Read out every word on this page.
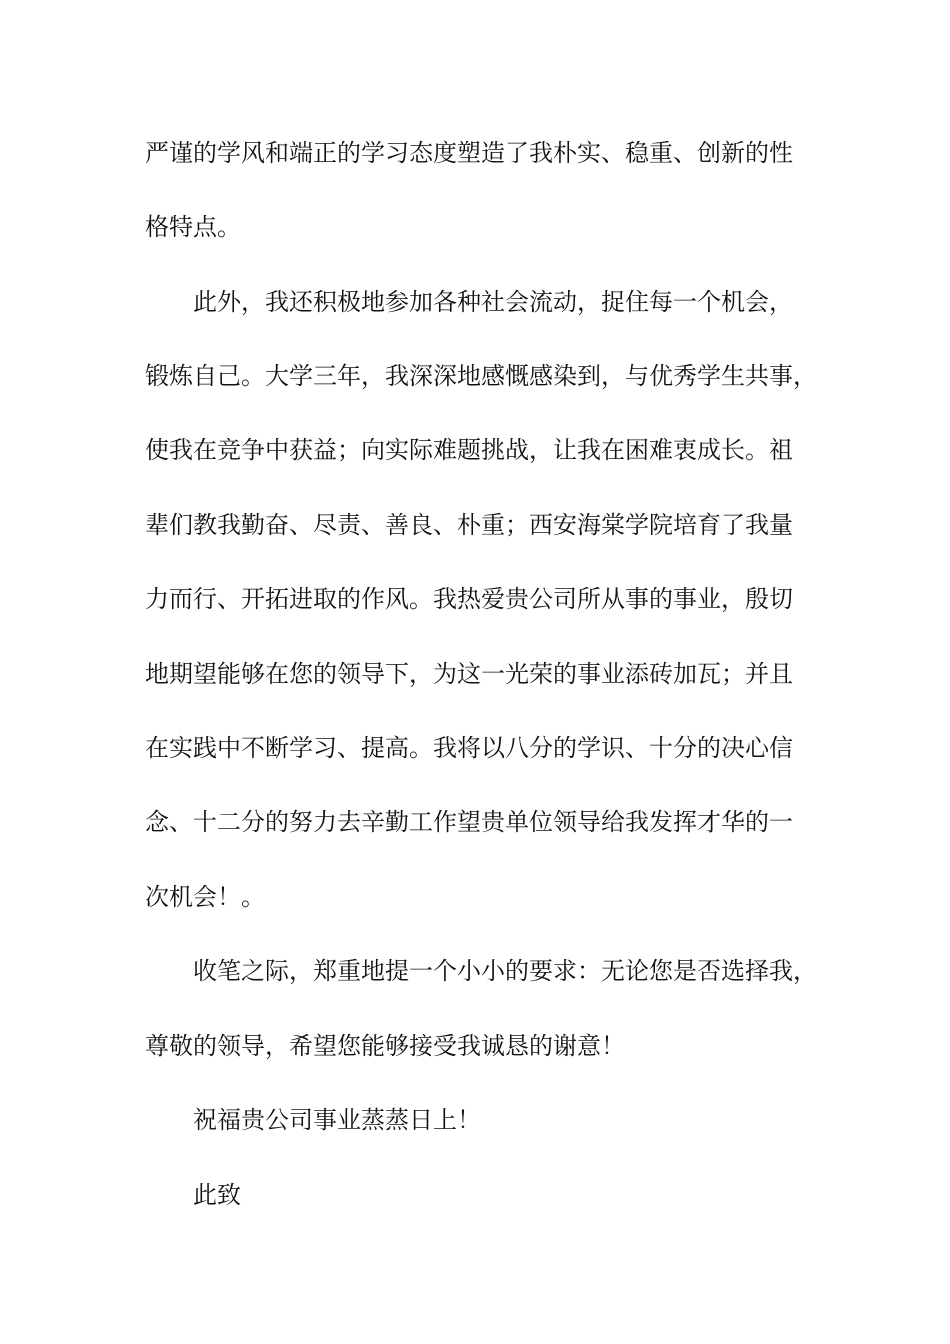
严谨的学风和端正的学习态度塑造了我朴实、稳重、创新的性
格特点。
此外，我还积极地参加各种社会流动，捉住每一个机会，
锻炼自己。大学三年，我深深地感慨感染到，与优秀学生共事，
使我在竞争中获益；向实际难题挑战，让我在困难衷成长。祖
辈们教我勤奋、尽责、善良、朴重；西安海棠学院培育了我量
力而行、开拓进取的作风。我热爱贵公司所从事的事业，殷切
地期望能够在您的领导下，为这一光荣的事业添砖加瓦；并且
在实践中不断学习、提高。我将以八分的学识、十分的决心信
念、十二分的努力去辛勤工作望贵单位领导给我发挥才华的一
次机会！。
收笔之际，郑重地提一个小小的要求：无论您是否选择我，
尊敬的领导，希望您能够接受我诚恳的谢意！
祝福贵公司事业蒸蒸日上！
此致
